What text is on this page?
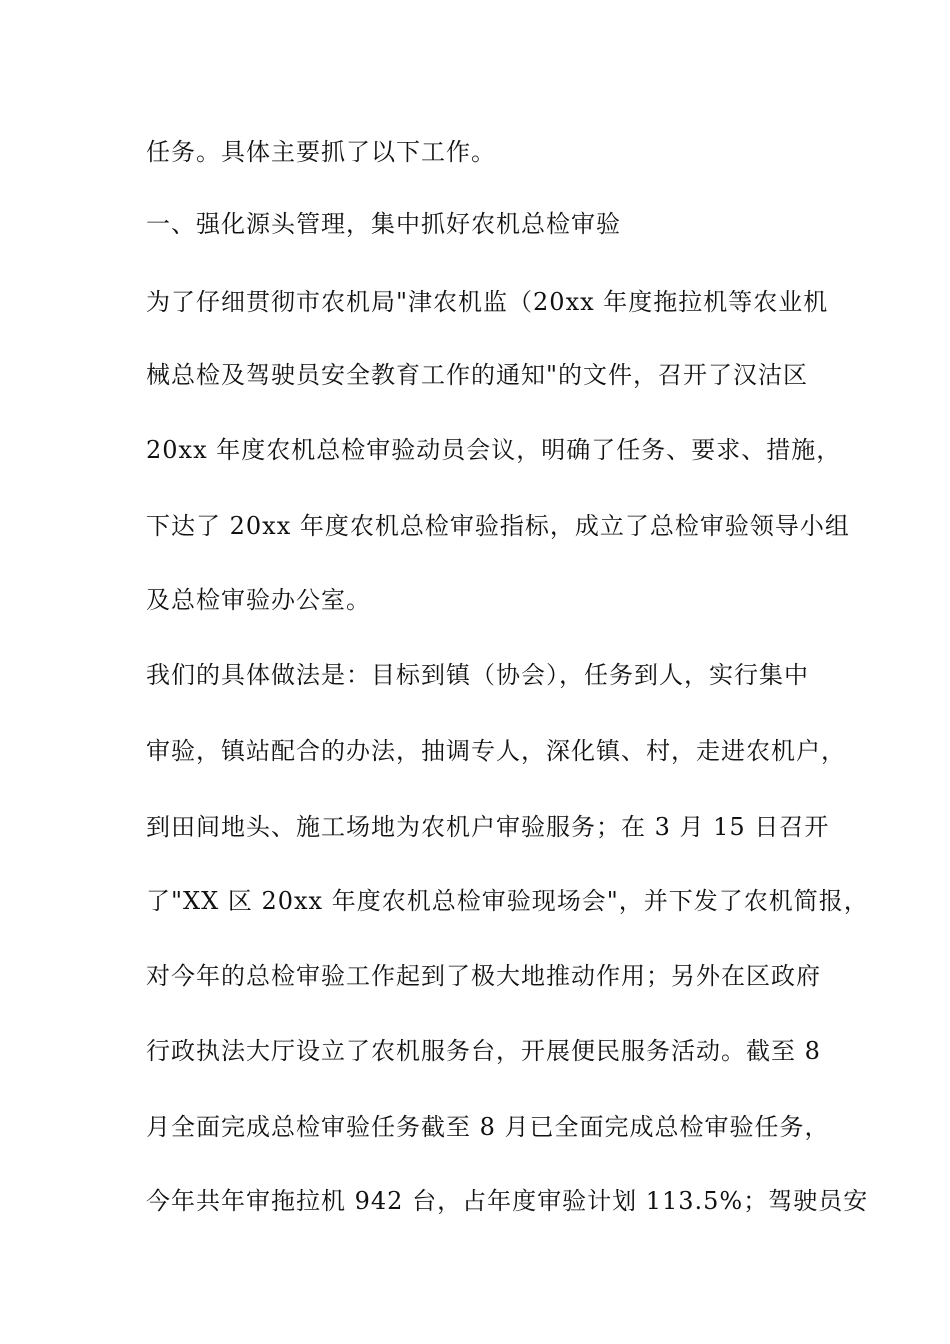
任务。具体主要抓了以下工作。
一、强化源头管理，集中抓好农机总检审验
为了仔细贯彻市农机局"津农机监（20xx 年度拖拉机等农业机
械总检及驾驶员安全教育工作的通知"的文件，召开了汉沽区
20xx 年度农机总检审验动员会议，明确了任务、要求、措施，
下达了 20xx 年度农机总检审验指标，成立了总检审验领导小组
及总检审验办公室。
我们的具体做法是：目标到镇（协会），任务到人，实行集中
审验，镇站配合的办法，抽调专人，深化镇、村，走进农机户，
到田间地头、施工场地为农机户审验服务；在 3 月 15 日召开
了"XX 区 20xx 年度农机总检审验现场会"，并下发了农机简报，
对今年的总检审验工作起到了极大地推动作用；另外在区政府
行政执法大厅设立了农机服务台，开展便民服务活动。截至 8
月全面完成总检审验任务截至 8 月已全面完成总检审验任务，
今年共年审拖拉机 942 台，占年度审验计划 113.5%；驾驶员安
